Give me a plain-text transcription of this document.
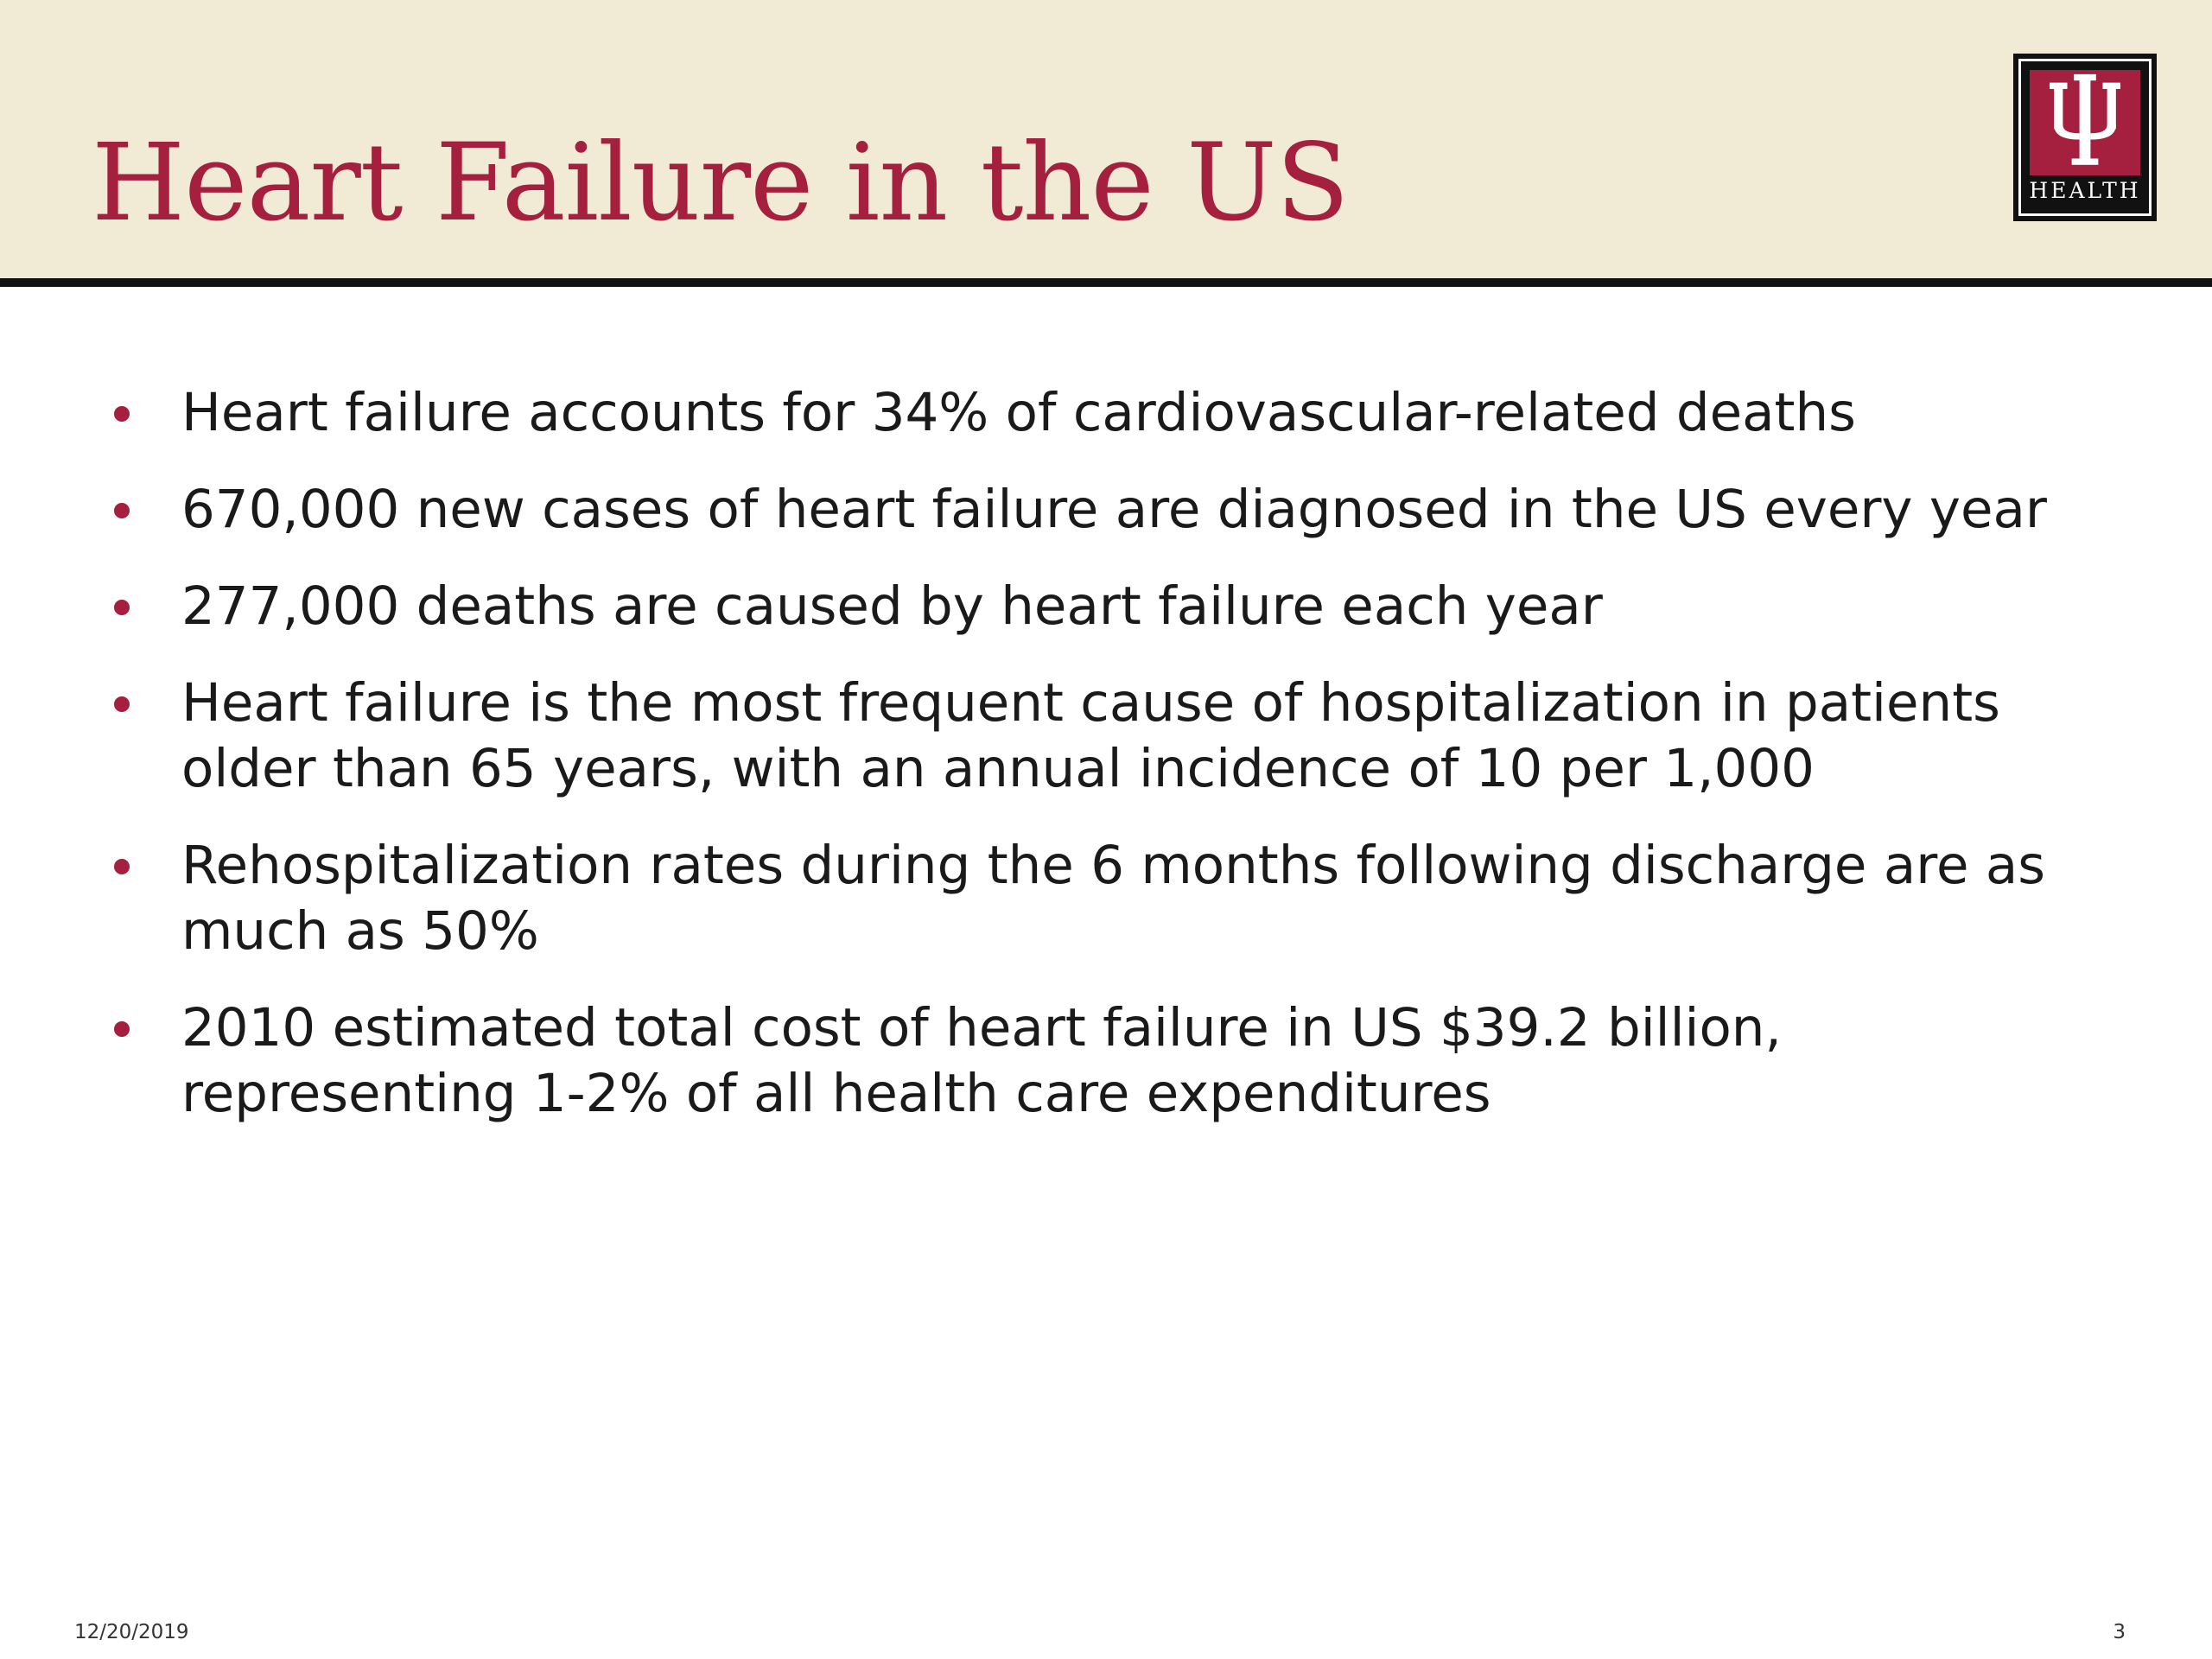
Heart Failure in the US	HEALTH
Heart failure accounts for 34% of cardiovascular-related deaths
670,000 new cases of heart failure are diagnosed in the US every year
277,000 deaths are caused by heart failure each year
Heart failure is the most frequent cause of hospitalization in patients older than 65 years, with an annual incidence of 10 per 1,000
Rehospitalization rates during the 6 months following discharge are as much as 50%
2010 estimated total cost of heart failure in US $39.2 billion, representing 1-2% of all health care expenditures
12/20/2019	3
